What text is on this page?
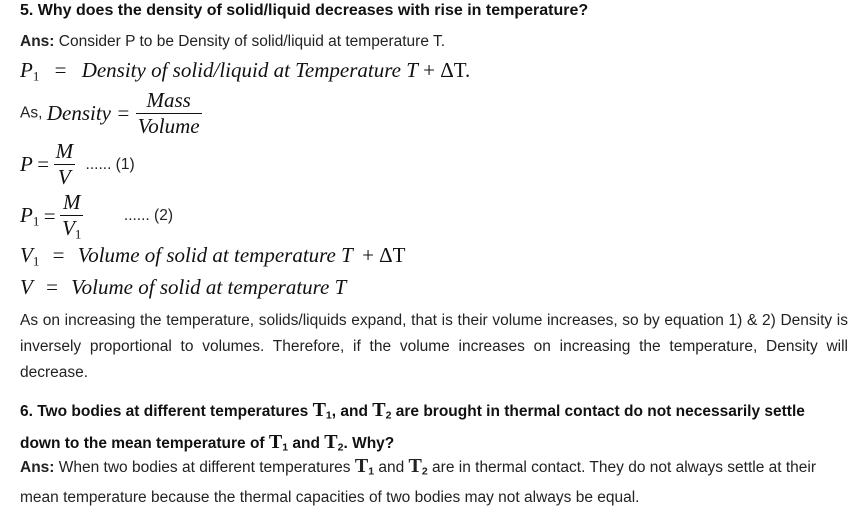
5. Why does the density of solid/liquid decreases with rise in temperature?
Ans: Consider P to be Density of solid/liquid at temperature T.
$P_1$ = Density of solid/liquid at Temperature T + ΔT.
As, Density = $\frac{\text{Mass}}{\text{Volume}}$
$P = \frac{M}{V}$ ...... (1)
$P_1 = \frac{M}{V_1}$	...... (2)
$V_1$ = Volume of solid at temperature T + ΔT
V = Volume of solid at temperature T
As on increasing the temperature, solids/liquids expand, that is their volume increases, so by equation 1) & 2) Density is inversely proportional to volumes. Therefore, if the volume increases on increasing the temperature, Density will decrease.
6. Two bodies at different temperatures T1, and T2 are brought in thermal contact do not necessarily settle down to the mean temperature of T1 and T2. Why?
Ans: When two bodies at different temperatures T1 and T2 are in thermal contact. They do not always settle at their mean temperature because the thermal capacities of two bodies may not always be equal.
